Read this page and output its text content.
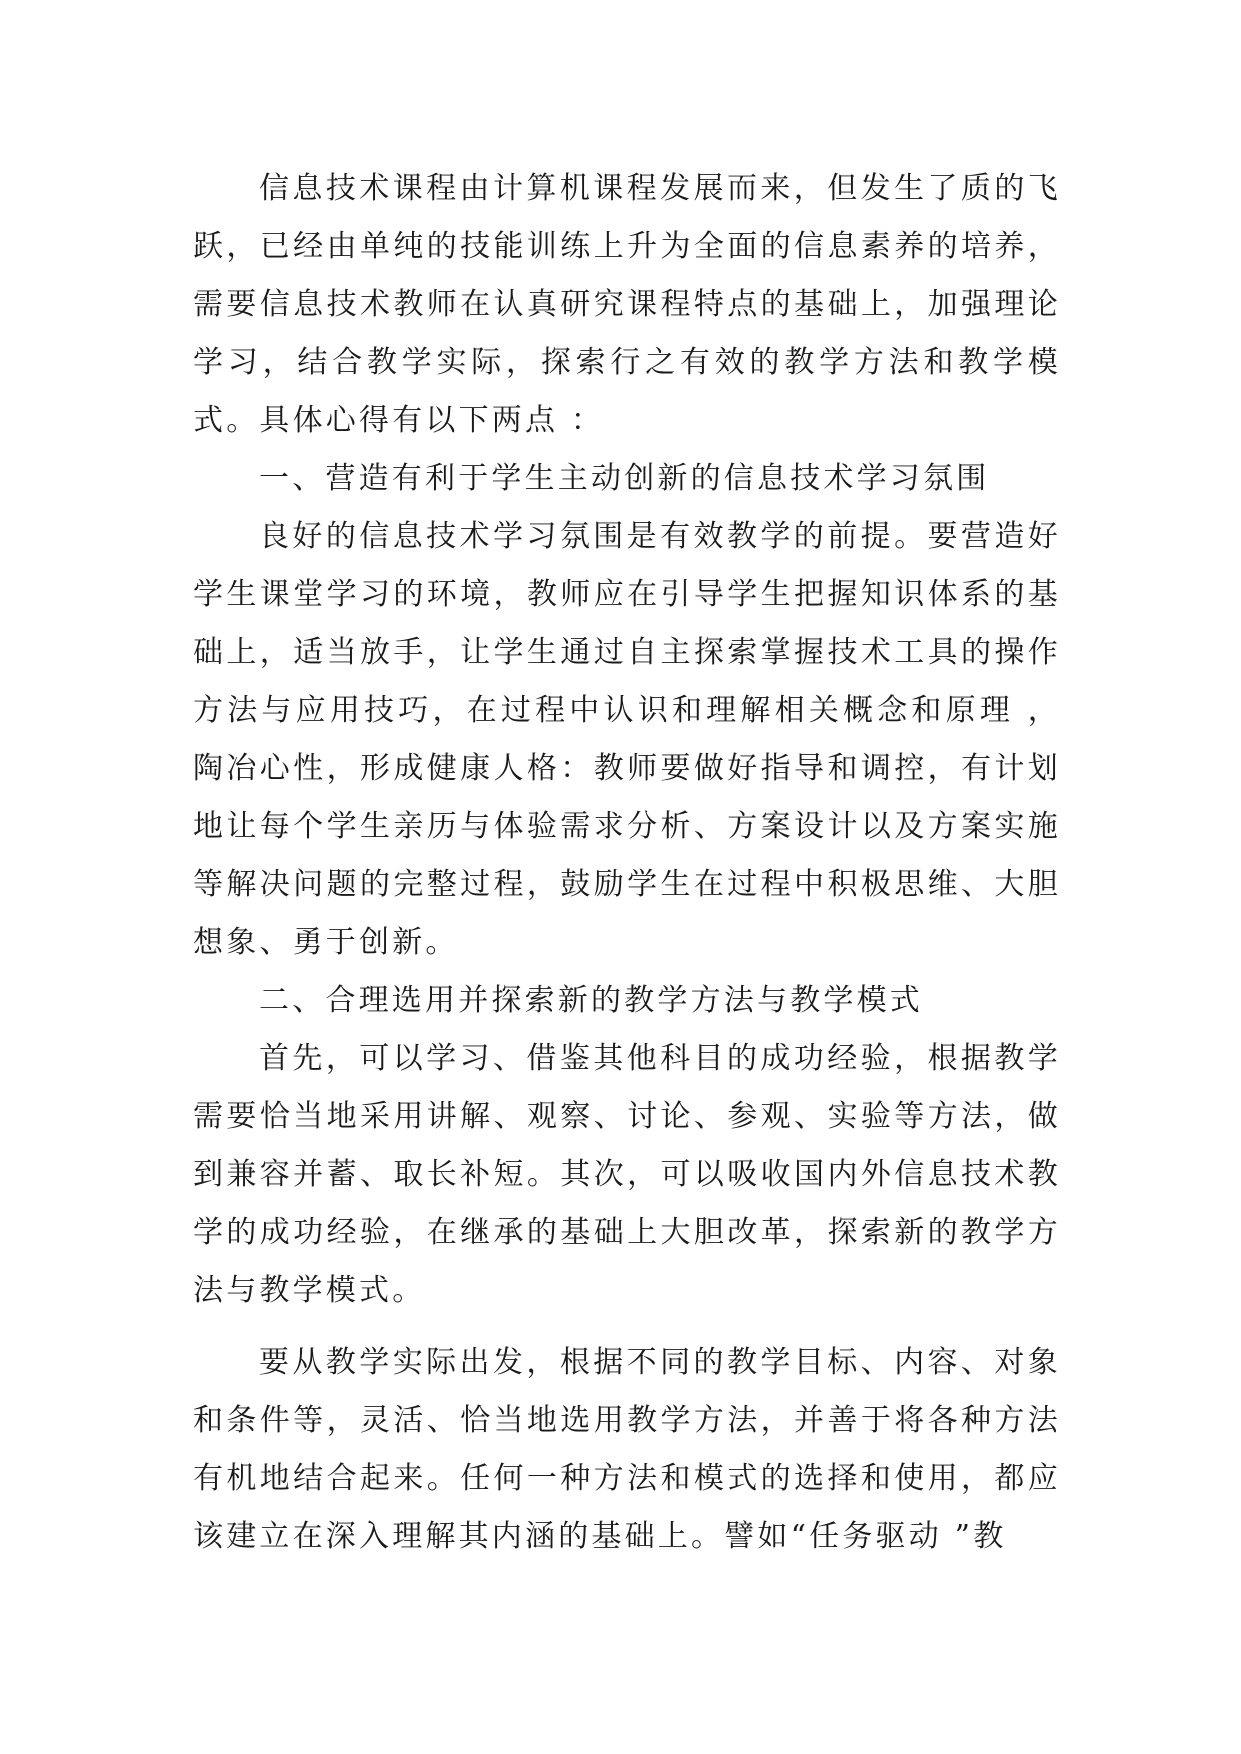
信息技术课程由计算机课程发展而来，但发生了质的飞跃，已经由单纯的技能训练上升为全面的信息素养的培养，需要信息技术教师在认真研究课程特点的基础上，加强理论学习，结合教学实际，探索行之有效的教学方法和教学模式。具体心得有以下两点 ：

一、营造有利于学生主动创新的信息技术学习氛围

良好的信息技术学习氛围是有效教学的前提。要营造好学生课堂学习的环境，教师应在引导学生把握知识体系的基础上，适当放手，让学生通过自主探索掌握技术工具的操作方法与应用技巧，在过程中认识和理解相关概念和原理 ，陶冶心性，形成健康人格：教师要做好指导和调控，有计划地让每个学生亲历与体验需求分析、方案设计以及方案实施等解决问题的完整过程，鼓励学生在过程中积极思维、大胆想象、勇于创新。

二、合理选用并探索新的教学方法与教学模式

首先，可以学习、借鉴其他科目的成功经验，根据教学需要恰当地采用讲解、观察、讨论、参观、实验等方法，做到兼容并蓄、取长补短。其次，可以吸收国内外信息技术教学的成功经验，在继承的基础上大胆改革，探索新的教学方法与教学模式。

要从教学实际出发，根据不同的教学目标、内容、对象和条件等，灵活、恰当地选用教学方法，并善于将各种方法有机地结合起来。任何一种方法和模式的选择和使用，都应该建立在深入理解其内涵的基础上。譬如“任务驱动 ”教
